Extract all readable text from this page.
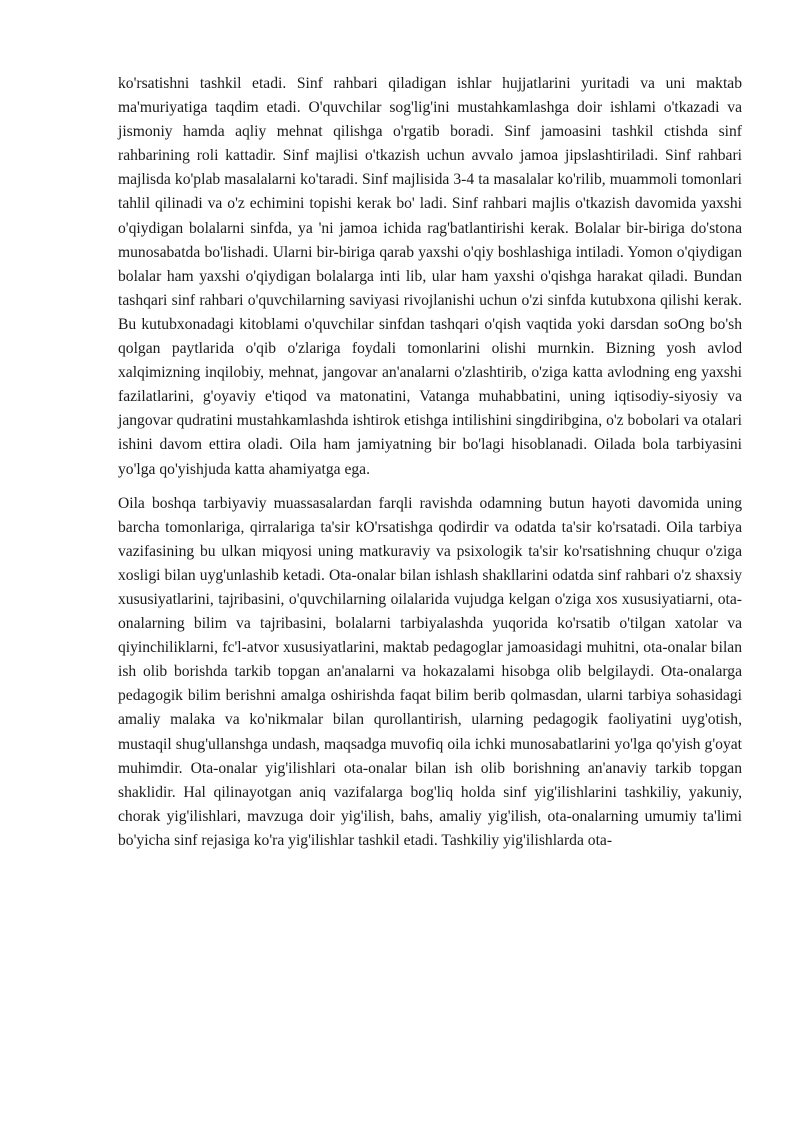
ko'rsatishni tashkil etadi. Sinf rahbari qiladigan ishlar hujjatlarini yuritadi va uni maktab ma'muriyatiga taqdim etadi. O'quvchilar sog'lig'ini mustahkamlashga doir ishlami o'tkazadi va jismoniy hamda aqliy mehnat qilishga o'rgatib boradi. Sinf jamoasini tashkil ctishda sinf rahbarining roli kattadir. Sinf majlisi o'tkazish uchun avvalo jamoa jipslashtiriladi. Sinf rahbari majlisda ko'plab masalalarni ko'taradi. Sinf majlisida 3-4 ta masalalar ko'rilib, muammoli tomonlari tahlil qilinadi va o'z echimini topishi kerak bo' ladi. Sinf rahbari majlis o'tkazish davomida yaxshi o'qiydigan bolalarni sinfda, ya 'ni jamoa ichida rag'batlantirishi kerak. Bolalar bir-biriga do'stona munosabatda bo'lishadi. Ularni bir-biriga qarab yaxshi o'qiy boshlashiga intiladi. Yomon o'qiydigan bolalar ham yaxshi o'qiydigan bolalarga inti lib, ular ham yaxshi o'qishga harakat qiladi. Bundan tashqari sinf rahbari o'quvchilarning saviyasi rivojlanishi uchun o'zi sinfda kutubxona qilishi kerak. Bu kutubxonadagi kitoblami o'quvchilar sinfdan tashqari o'qish vaqtida yoki darsdan soOng bo'sh qolgan paytlarida o'qib o'zlariga foydali tomonlarini olishi murnkin. Bizning yosh avlod xalqimizning inqilobiy, mehnat, jangovar an'analarni o'zlashtirib, o'ziga katta avlodning eng yaxshi fazilatlarini, g'oyaviy e'tiqod va matonatini, Vatanga muhabbatini, uning iqtisodiy-siyosiy va jangovar qudratini mustahkamlashda ishtirok etishga intilishini singdiribgina, o'z bobolari va otalari ishini davom ettira oladi. Oila ham jamiyatning bir bo'lagi hisoblanadi. Oilada bola tarbiyasini yo'lga qo'yishjuda katta ahamiyatga ega.

Oila boshqa tarbiyaviy muassasalardan farqli ravishda odamning butun hayoti davomida uning barcha tomonlariga, qirralariga ta'sir kO'rsatishga qodirdir va odatda ta'sir ko'rsatadi. Oila tarbiya vazifasining bu ulkan miqyosi uning matkuraviy va psixologik ta'sir ko'rsatishning chuqur o'ziga xosligi bilan uyg'unlashib ketadi. Ota-onalar bilan ishlash shakllarini odatda sinf rahbari o'z shaxsiy xususiyatlarini, tajribasini, o'quvchilarning oilalarida vujudga kelgan o'ziga xos xususiyatiarni, ota-onalarning bilim va tajribasini, bolalarni tarbiyalashda yuqorida ko'rsatib o'tilgan xatolar va qiyinchiliklarni, fc'l-atvor xususiyatlarini, maktab pedagoglar jamoasidagi muhitni, ota-onalar bilan ish olib borishda tarkib topgan an'analarni va hokazalami hisobga olib belgilaydi. Ota-onalarga pedagogik bilim berishni amalga oshirishda faqat bilim berib qolmasdan, ularni tarbiya sohasidagi amaliy malaka va ko'nikmalar bilan qurollantirish, ularning pedagogik faoliyatini uyg'otish, mustaqil shug'ullanshga undash, maqsadga muvofiq oila ichki munosabatlarini yo'lga qo'yish g'oyat muhimdir. Ota-onalar yig'ilishlari ota-onalar bilan ish olib borishning an'anaviy tarkib topgan shaklidir. Hal qilinayotgan aniq vazifalarga bog'liq holda sinf yig'ilishlarini tashkiliy, yakuniy, chorak yig'ilishlari, mavzuga doir yig'ilish, bahs, amaliy yig'ilish, ota-onalarning umumiy ta'limi bo'yicha sinf rejasiga ko'ra yig'ilishlar tashkil etadi. Tashkiliy yig'ilishlarda ota-
